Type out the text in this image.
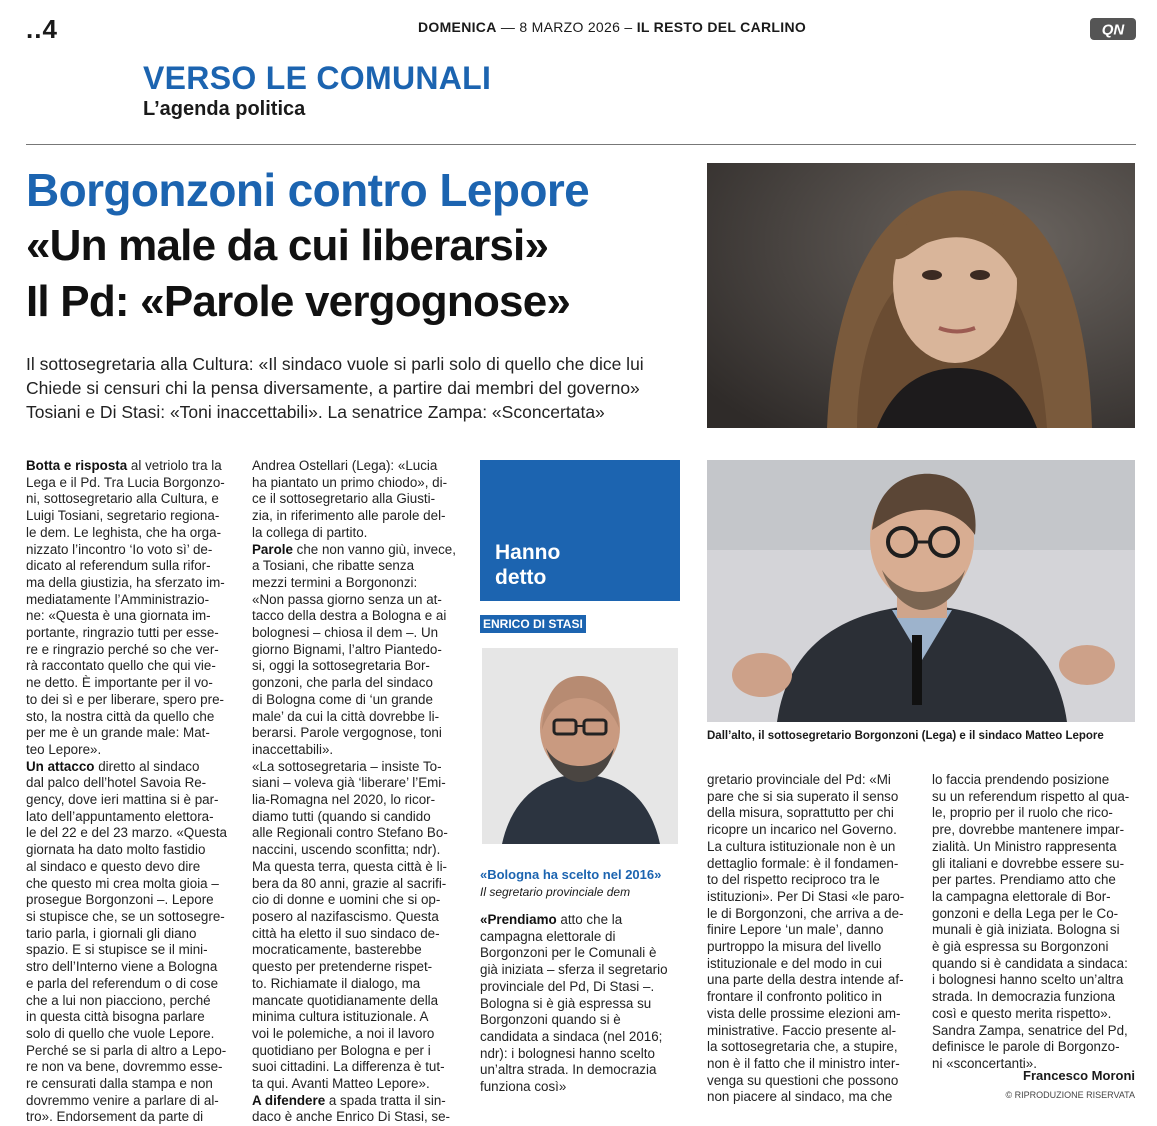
..4	DOMENICA — 8 MARZO 2026 – IL RESTO DEL CARLINO	QN
VERSO LE COMUNALI
L’agenda politica
Borgonzoni contro Lepore
«Un male da cui liberarsi»
Il Pd: «Parole vergognose»
Il sottosegretaria alla Cultura: «Il sindaco vuole si parli solo di quello che dice lui
Chiede si censuri chi la pensa diversamente, a partire dai membri del governo»
Tosiani e Di Stasi: «Toni inaccettabili». La senatrice Zampa: «Sconcertata»
Dall’alto, il sottosegretario Borgonzoni (Lega) e il sindaco Matteo Lepore

Botta e risposta al vetriolo tra la

Lega e il Pd. Tra Lucia Borgonzo-

ni, sottosegretario alla Cultura, e

Luigi Tosiani, segretario regiona-

le dem. Le leghista, che ha orga-

nizzato l’incontro ‘Io voto sì’ de-

dicato al referendum sulla rifor-

ma della giustizia, ha sferzato im-

mediatamente l’Amministrazio-

ne: «Questa è una giornata im-

portante, ringrazio tutti per esse-

re e ringrazio perché so che ver-

rà raccontato quello che qui vie-

ne detto. È importante per il vo-

to dei sì e per liberare, spero pre-

sto, la nostra città da quello che

per me è un grande male: Mat-

teo Lepore».

Un attacco diretto al sindaco

dal palco dell’hotel Savoia Re-

gency, dove ieri mattina si è par-

lato dell’appuntamento elettora-

le del 22 e del 23 marzo. «Questa

giornata ha dato molto fastidio

al sindaco e questo devo dire

che questo mi crea molta gioia –

prosegue Borgonzoni –. Lepore

si stupisce che, se un sottosegre-

tario parla, i giornali gli diano

spazio. E si stupisce se il mini-

stro dell’Interno viene a Bologna

e parla del referendum o di cose

che a lui non piacciono, perché

in questa città bisogna parlare

solo di quello che vuole Lepore.

Perché se si parla di altro a Lepo-

re non va bene, dovremmo esse-

re censurati dalla stampa e non

dovremmo venire a parlare di al-

tro». Endorsement da parte di

Andrea Ostellari (Lega): «Lucia

ha piantato un primo chiodo», di-

ce il sottosegretario alla Giusti-

zia, in riferimento alle parole del-

la collega di partito.

Parole che non vanno giù, invece,

a Tosiani, che ribatte senza

mezzi termini a Borgononzi:

«Non passa giorno senza un at-

tacco della destra a Bologna e ai

bolognesi – chiosa il dem –. Un

giorno Bignami, l’altro Piantedo-

si, oggi la sottosegretaria Bor-

gonzoni, che parla del sindaco

di Bologna come di ‘un grande

male’ da cui la città dovrebbe li-

berarsi. Parole vergognose, toni

inaccettabili».

«La sottosegretaria – insiste To-

siani – voleva già ‘liberare’ l’Emi-

lia-Romagna nel 2020, lo ricor-

diamo tutti (quando si candido

alle Regionali contro Stefano Bo-

naccini, uscendo sconfitta; ndr).

Ma questa terra, questa città è li-

bera da 80 anni, grazie al sacrifi-

cio di donne e uomini che si op-

posero al nazifascismo. Questa

città ha eletto il suo sindaco de-

mocraticamente, basterebbe

questo per pretenderne rispet-

to. Richiamate il dialogo, ma

mancate quotidianamente della

minima cultura istituzionale. A

voi le polemiche, a noi il lavoro

quotidiano per Bologna e per i

suoi cittadini. La differenza è tut-

ta qui. Avanti Matteo Lepore».

A difendere a spada tratta il sin-

daco è anche Enrico Di Stasi, se-

Hanno
detto
ENRICO DI STASI
«Bologna ha scelto nel 2016»
Il segretario provinciale dem

«Prendiamo atto che la

campagna elettorale di

Borgonzoni per le Comunali è

già iniziata – sferza il segretario

provinciale del Pd, Di Stasi –.

Bologna si è già espressa su

Borgonzoni quando si è

candidata a sindaca (nel 2016;

ndr): i bolognesi hanno scelto

un’altra strada. In democrazia

funziona così»

gretario provinciale del Pd: «Mi

pare che si sia superato il senso

della misura, soprattutto per chi

ricopre un incarico nel Governo.

La cultura istituzionale non è un

dettaglio formale: è il fondamen-

to del rispetto reciproco tra le

istituzioni». Per Di Stasi «le paro-

le di Borgonzoni, che arriva a de-

finire Lepore ‘un male’, danno

purtroppo la misura del livello

istituzionale e del modo in cui

una parte della destra intende af-

frontare il confronto politico in

vista delle prossime elezioni am-

ministrative. Faccio presente al-

la sottosegretaria che, a stupire,

non è il fatto che il ministro inter-

venga su questioni che possono

non piacere al sindaco, ma che

lo faccia prendendo posizione

su un referendum rispetto al qua-

le, proprio per il ruolo che rico-

pre, dovrebbe mantenere impar-

zialità. Un Ministro rappresenta

gli italiani e dovrebbe essere su-

per partes. Prendiamo atto che

la campagna elettorale di Bor-

gonzoni e della Lega per le Co-

munali è già iniziata. Bologna si

è già espressa su Borgonzoni

quando si è candidata a sindaca:

i bolognesi hanno scelto un’altra

strada. In democrazia funziona

così e questo merita rispetto».

Sandra Zampa, senatrice del Pd,

definisce le parole di Borgonzo-

ni «sconcertanti».

Francesco Moroni
© RIPRODUZIONE RISERVATA
